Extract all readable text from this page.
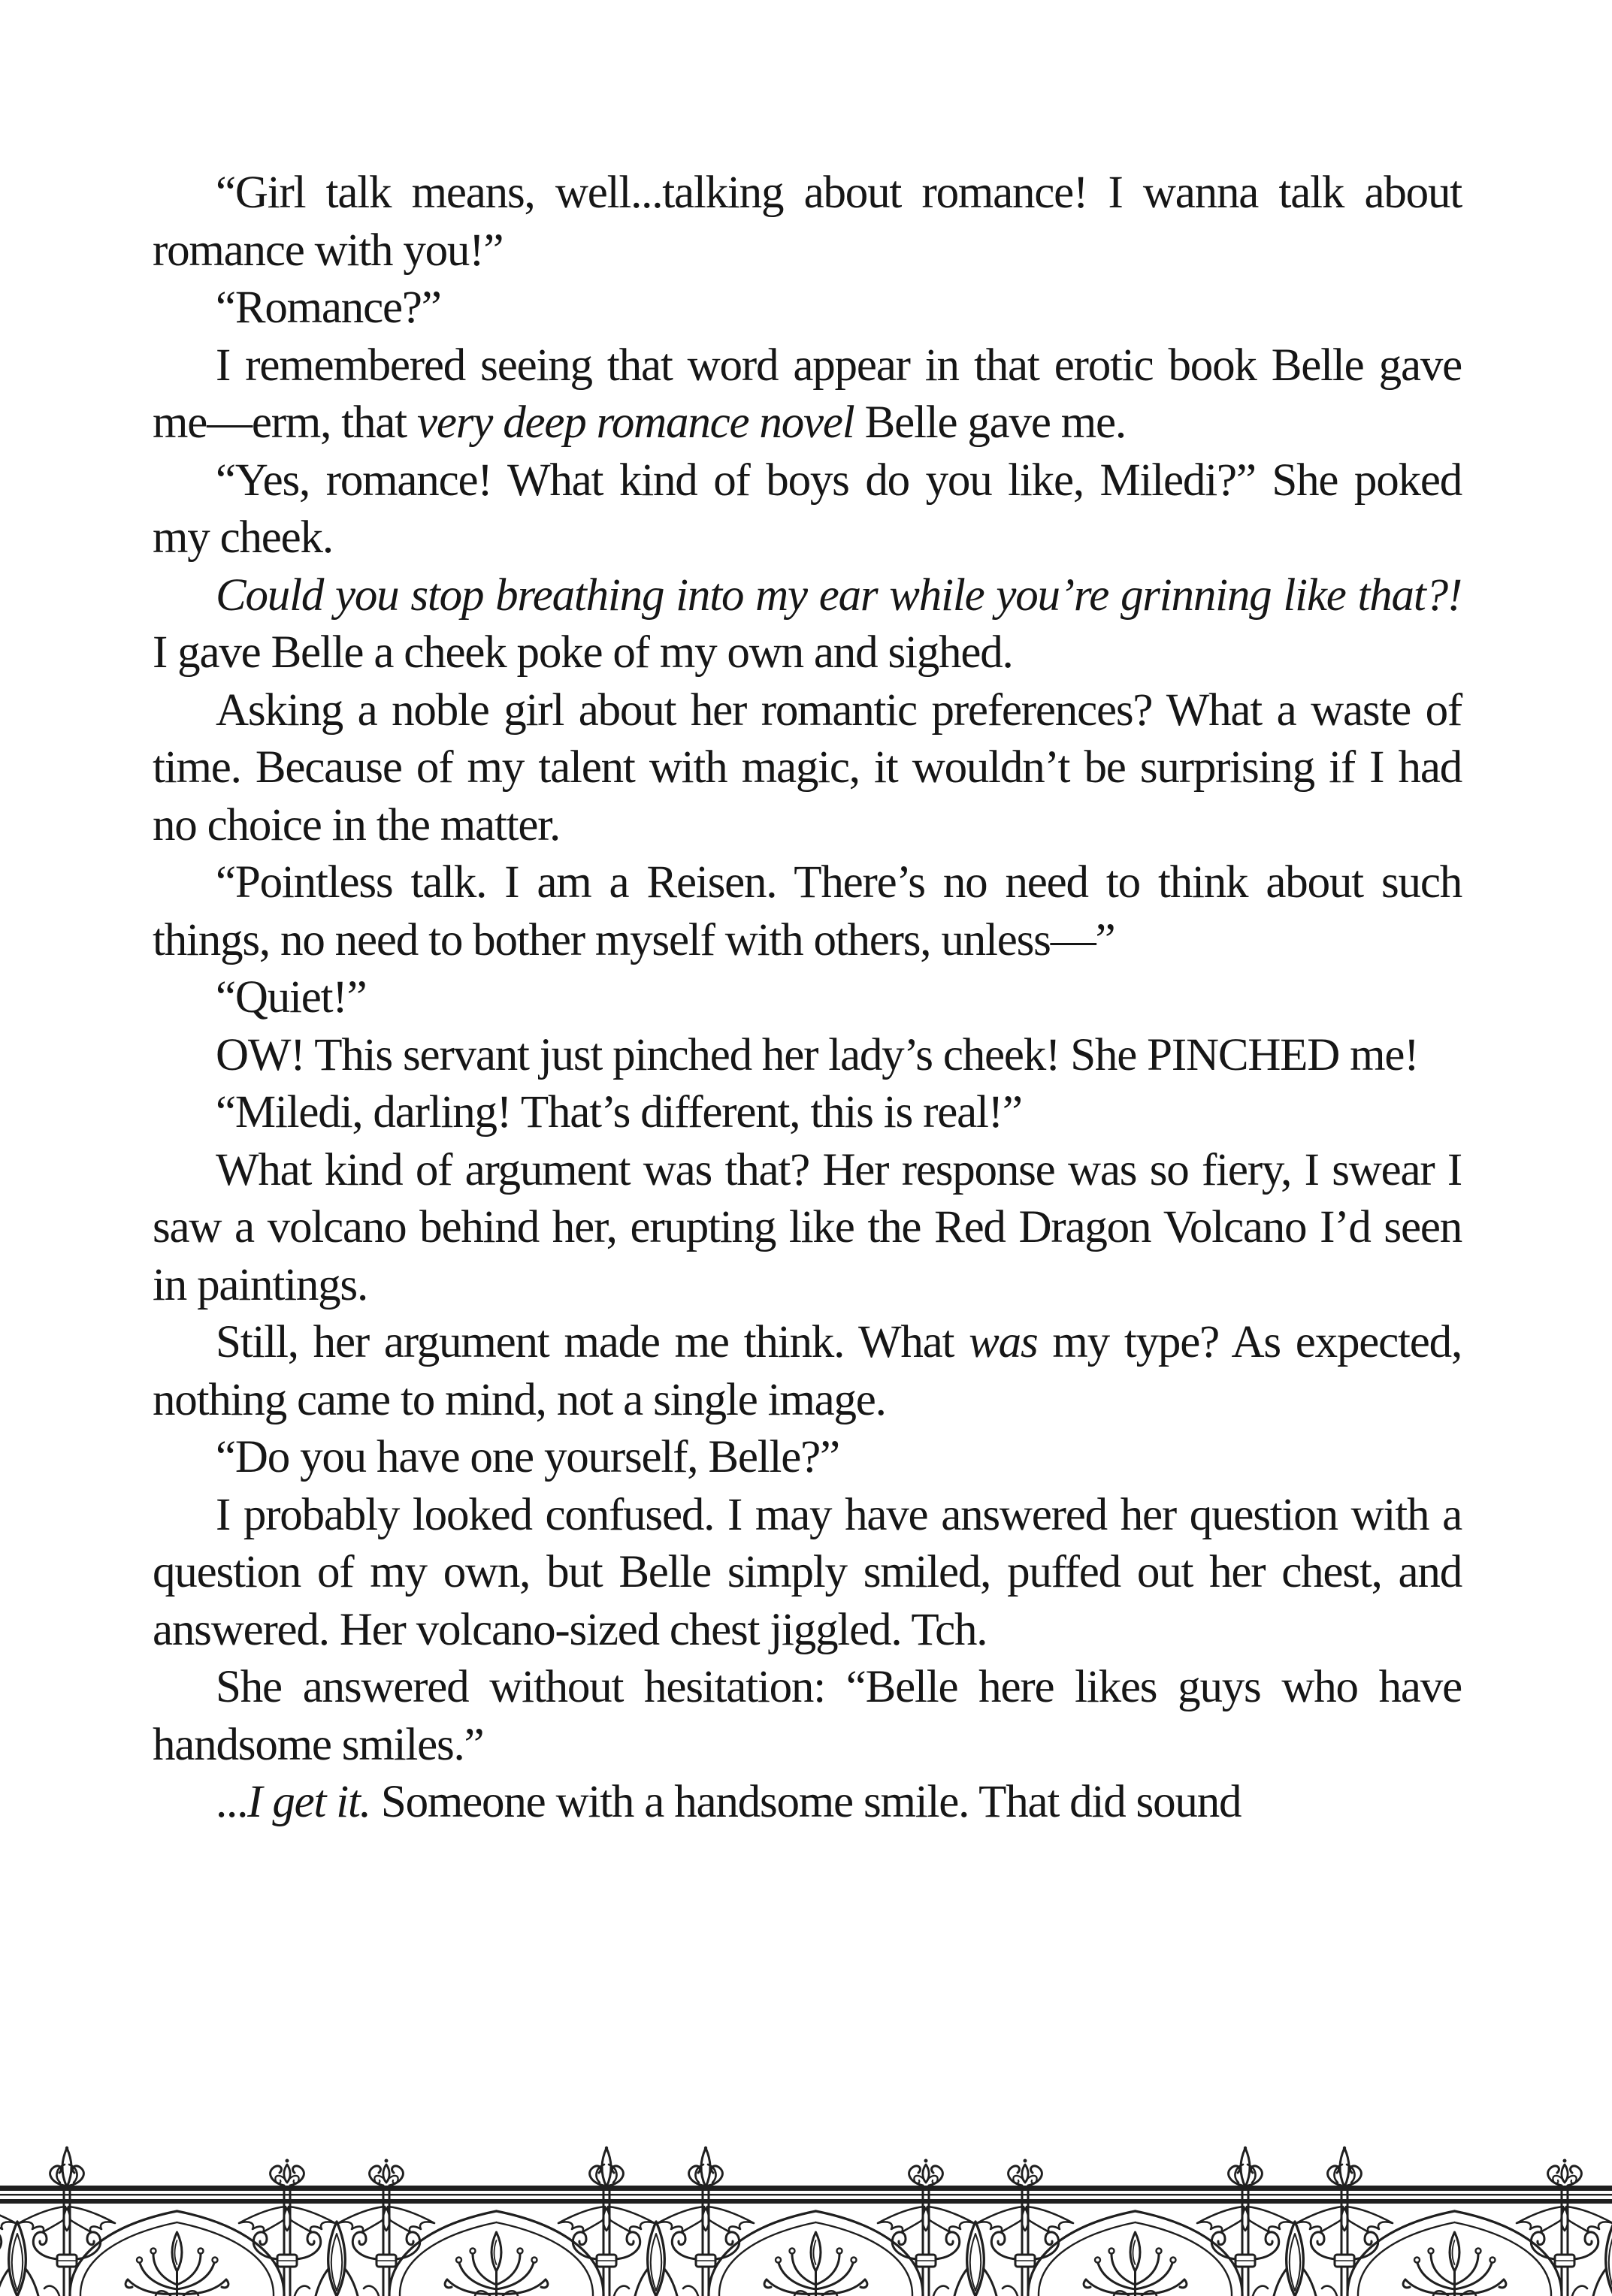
“Girl talk means, well...talking about romance! I wanna talk about romance with you!”

“Romance?”

I remembered seeing that word appear in that erotic book Belle gave me—erm, that very deep romance novel Belle gave me.

“Yes, romance! What kind of boys do you like, Miledi?” She poked my cheek.

Could you stop breathing into my ear while you’re grinning like that?! I gave Belle a cheek poke of my own and sighed.

Asking a noble girl about her romantic preferences? What a waste of time. Because of my talent with magic, it wouldn’t be surprising if I had no choice in the matter.

“Pointless talk. I am a Reisen. There’s no need to think about such things, no need to bother myself with others, unless—”

“Quiet!”

OW! This servant just pinched her lady’s cheek! She PINCHED me!

“Miledi, darling! That’s different, this is real!”

What kind of argument was that? Her response was so fiery, I swear I saw a volcano behind her, erupting like the Red Dragon Volcano I’d seen in paintings.

Still, her argument made me think. What was my type? As expected, nothing came to mind, not a single image.

“Do you have one yourself, Belle?”

I probably looked confused. I may have answered her question with a question of my own, but Belle simply smiled, puffed out her chest, and answered. Her volcano-sized chest jiggled. Tch.

She answered without hesitation: “Belle here likes guys who have handsome smiles.”

...I get it. Someone with a handsome smile. That did sound
